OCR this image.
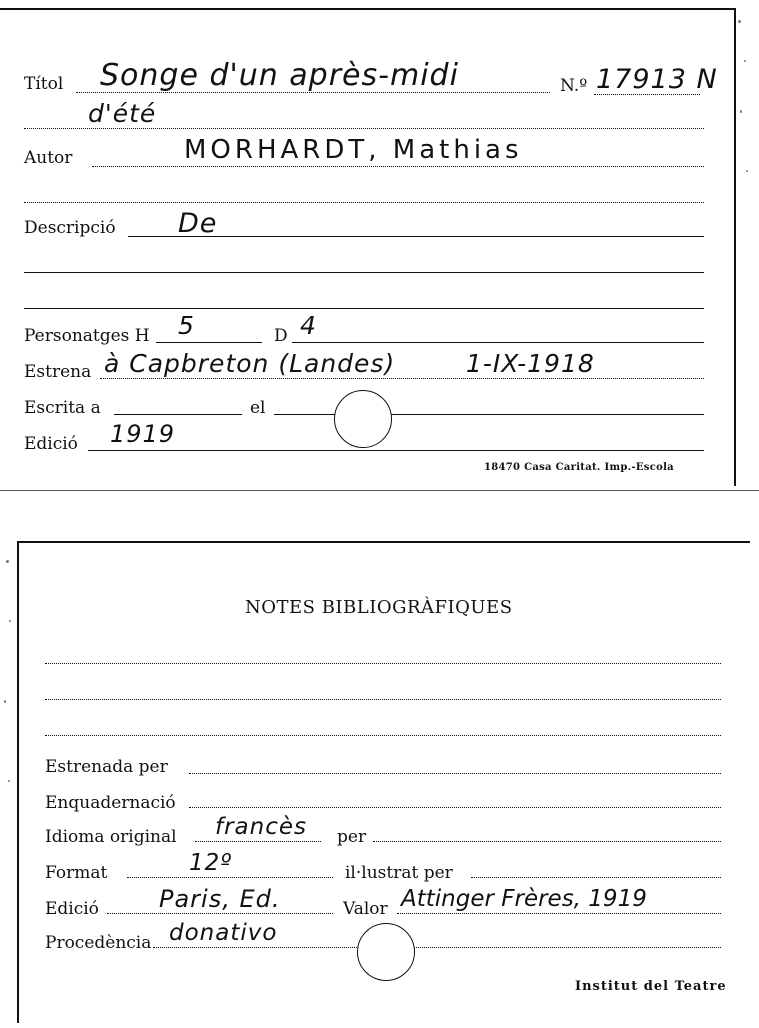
Títol Songe d'un après-midi	N.º 17913 N
d'été
Autor	MORHARDT, Mathias
Descripció De
Personatges H 5	D 4
Estrena à Capbreton (Landes)	1-IX-1918
Escrita a	el
Edició 1919
18470 Casa Caritat. Imp.-Escola
NOTES BIBLIOGRÀFIQUES
Estrenada per
Enquadernació
Idioma original francès per
Format	12º	il·lustrat per
Edició	Paris, Ed.	Valor Attinger Frères, 1919
Procedència donativo
Institut del Teatre
